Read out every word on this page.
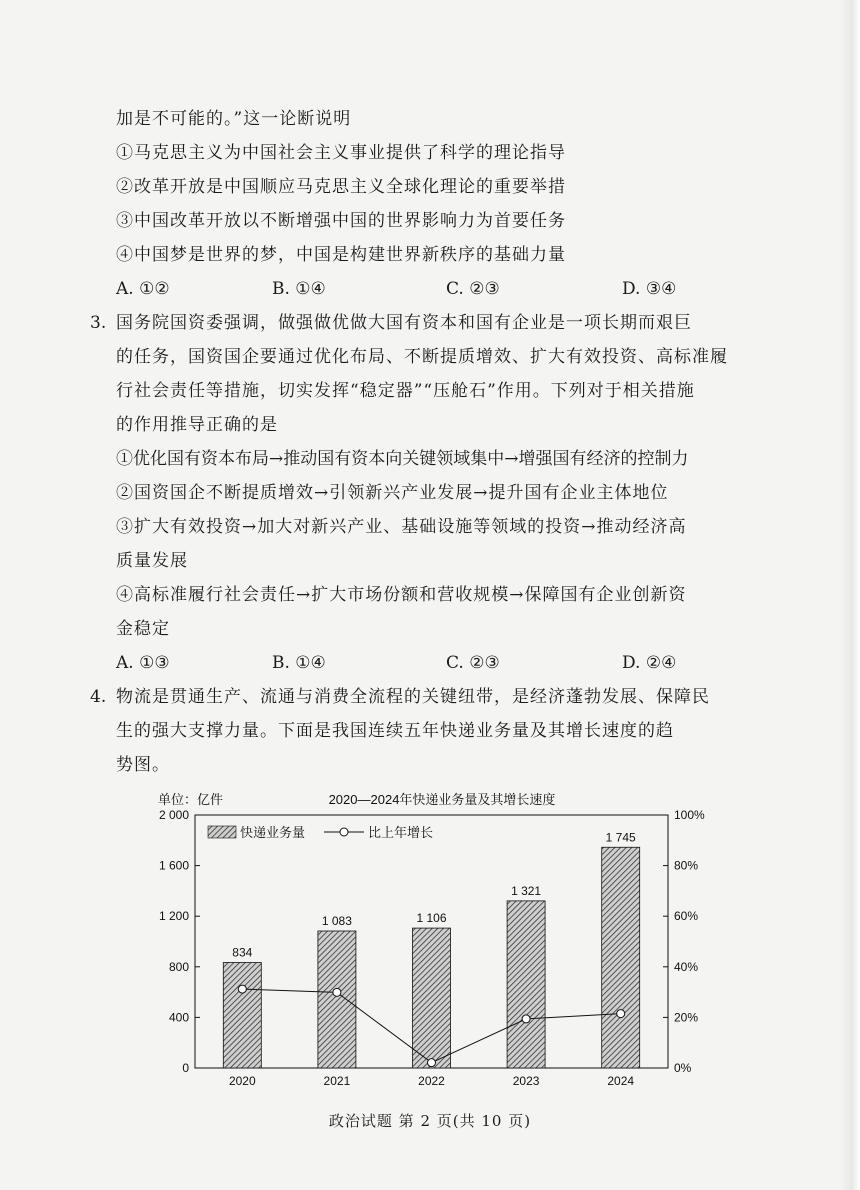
加是不可能的。”这一论断说明
①马克思主义为中国社会主义事业提供了科学的理论指导
②改革开放是中国顺应马克思主义全球化理论的重要举措
③中国改革开放以不断增强中国的世界影响力为首要任务
④中国梦是世界的梦，中国是构建世界新秩序的基础力量
A. ①②	B. ①④	C. ②③	D. ③④
3. 国务院国资委强调，做强做优做大国有资本和国有企业是一项长期而艰巨
的任务，国资国企要通过优化布局、不断提质增效、扩大有效投资、高标准履
行社会责任等措施，切实发挥“稳定器”“压舱石”作用。下列对于相关措施
的作用推导正确的是
①优化国有资本布局→推动国有资本向关键领域集中→增强国有经济的控制力
②国资国企不断提质增效→引领新兴产业发展→提升国有企业主体地位
③扩大有效投资→加大对新兴产业、基础设施等领域的投资→推动经济高
质量发展
④高标准履行社会责任→扩大市场份额和营收规模→保障国有企业创新资
金稳定
A. ①③	B. ①④	C. ②③	D. ②④
4. 物流是贯通生产、流通与消费全流程的关键纽带，是经济蓬勃发展、保障民
生的强大支撑力量。下面是我国连续五年快递业务量及其增长速度的趋
势图。
单位：亿件	2020—2024年快递业务量及其增长速度
0
400
800
1 200
1 600
2 000
0%
20%
40%
60%
80%
100%
834
2020
1 083
2021
1 106
2022
1 321
2023
1 745
2024
快递业务量	比上年增长
政治试题 第 2 页(共 10 页)
